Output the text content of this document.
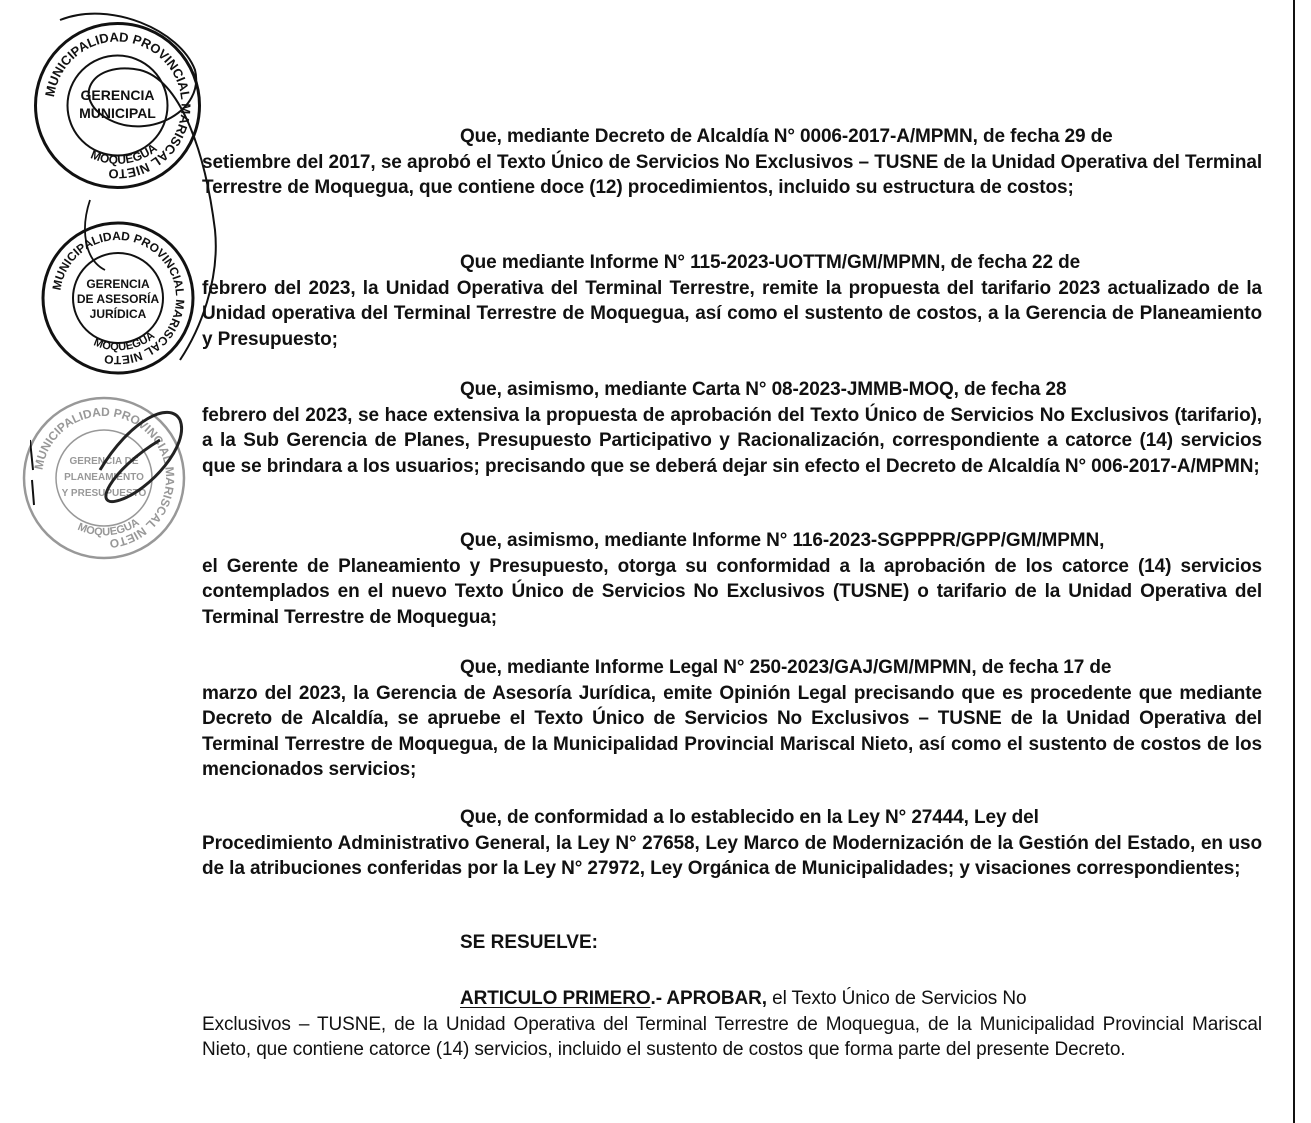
MUNICIPALIDAD PROVINCIAL MARISCAL NIETO
MOQUEGUA
GERENCIA
MUNICIPAL
MUNICIPALIDAD PROVINCIAL MARISCAL NIETO
MOQUEGUA
GERENCIA
DE ASESORÍA
JURÍDICA
MUNICIPALIDAD PROVINCIAL MARISCAL NIETO
MOQUEGUA
GERENCIA DE
PLANEAMIENTO
Y PRESUPUESTO
Que, mediante Decreto de Alcaldía N° 0006-2017-A/MPMN, de fecha 29 de
setiembre del 2017, se aprobó el Texto Único de Servicios No Exclusivos – TUSNE de la Unidad Operativa del Terminal Terrestre de Moquegua, que contiene doce (12) procedimientos, incluido su estructura de costos;
Que mediante Informe N° 115-2023-UOTTM/GM/MPMN, de fecha 22 de
febrero del 2023, la Unidad Operativa del Terminal Terrestre, remite la propuesta del tarifario 2023 actualizado de la Unidad operativa del Terminal Terrestre de Moquegua, así como el sustento de costos, a la Gerencia de Planeamiento y Presupuesto;
Que, asimismo, mediante Carta N° 08-2023-JMMB-MOQ, de fecha 28
febrero del 2023, se hace extensiva la propuesta de aprobación del Texto Único de Servicios No Exclusivos (tarifario), a la Sub Gerencia de Planes, Presupuesto Participativo y Racionalización, correspondiente a catorce (14) servicios que se brindara a los usuarios; precisando que se deberá dejar sin efecto el Decreto de Alcaldía N° 006-2017-A/MPMN;
Que, asimismo, mediante Informe N° 116-2023-SGPPPR/GPP/GM/MPMN,
el Gerente de Planeamiento y Presupuesto, otorga su conformidad a la aprobación de los catorce (14) servicios contemplados en el nuevo Texto Único de Servicios No Exclusivos (TUSNE) o tarifario de la Unidad Operativa del Terminal Terrestre de Moquegua;
Que, mediante Informe Legal N° 250-2023/GAJ/GM/MPMN, de fecha 17 de
marzo del 2023, la Gerencia de Asesoría Jurídica, emite Opinión Legal precisando que es procedente que mediante Decreto de Alcaldía, se apruebe el Texto Único de Servicios No Exclusivos – TUSNE de la Unidad Operativa del Terminal Terrestre de Moquegua, de la Municipalidad Provincial Mariscal Nieto, así como el sustento de costos de los mencionados servicios;
Que, de conformidad a lo establecido en la Ley N° 27444, Ley del
Procedimiento Administrativo General, la Ley N° 27658, Ley Marco de Modernización de la Gestión del Estado, en uso de la atribuciones conferidas por la Ley N° 27972, Ley Orgánica de Municipalidades; y visaciones correspondientes;
SE RESUELVE:
ARTICULO PRIMERO.- APROBAR, el Texto Único de Servicios No
Exclusivos – TUSNE, de la Unidad Operativa del Terminal Terrestre de Moquegua, de la Municipalidad Provincial Mariscal Nieto, que contiene catorce (14) servicios, incluido el sustento de costos que forma parte del presente Decreto.
